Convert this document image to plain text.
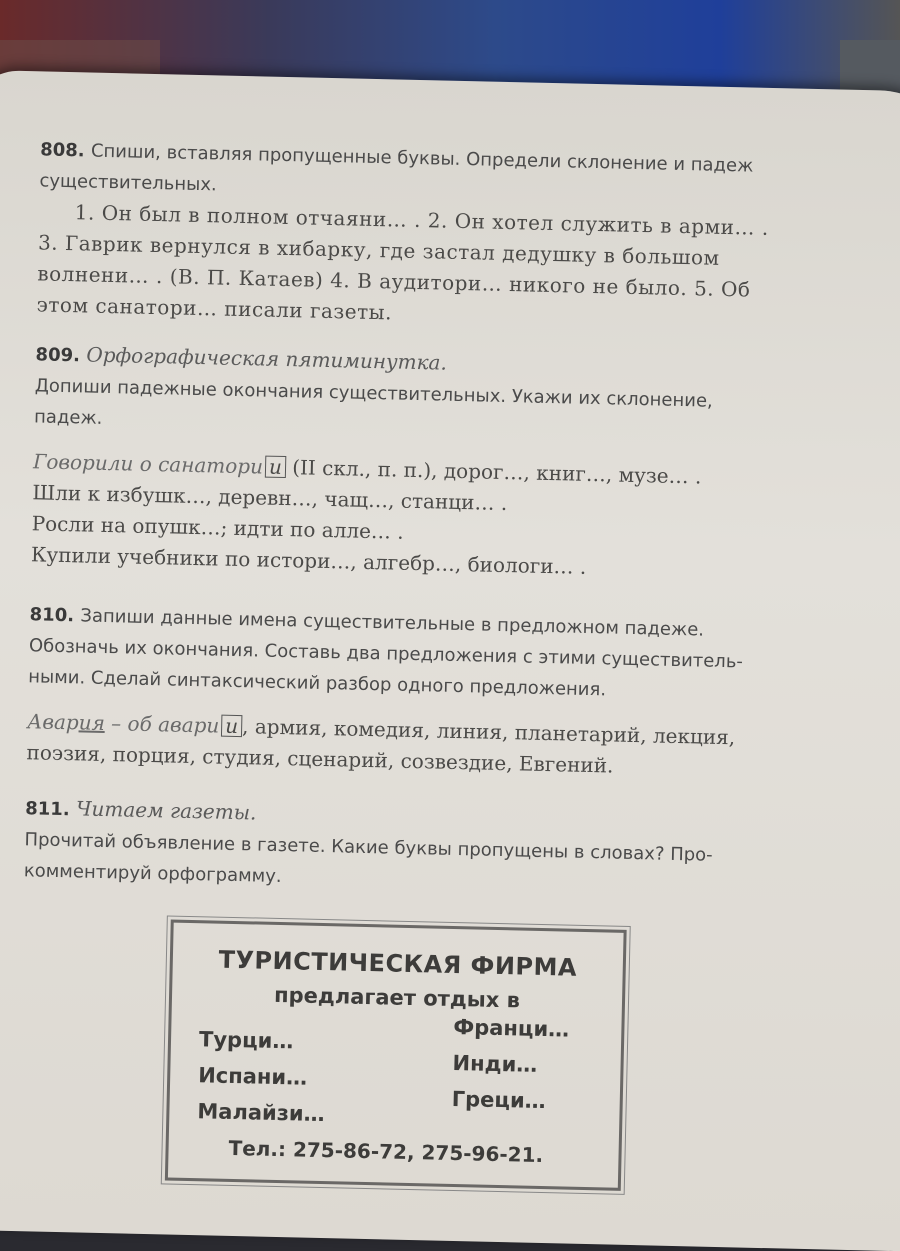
808. Спиши, вставляя пропущенные буквы. Определи склонение и падеж
существительных.
1. Он был в полном отчаяни… . 2. Он хотел служить в арми… .
3. Гаврик вернулся в хибарку, где застал дедушку в большом
волнени… . (В. П. Катаев) 4. В аудитори… никого не было. 5. Об
этом санатори… писали газеты.
809. Орфографическая пятиминутка.
Допиши падежные окончания существительных. Укажи их склонение,
падеж.
Говорили о санатори и (II скл., п. п.), дорог…, книг…, музе… .
Шли к избушк…, деревн…, чащ…, станци… .
Росли на опушк…; идти по алле… .
Купили учебники по истори…, алгебр…, биологи… .
810. Запиши данные имена существительные в предложном падеже.
Обозначь их окончания. Составь два предложения с этими существитель-
ными. Сделай синтаксический разбор одного предложения.
Авария – об авари и , армия, комедия, линия, планетарий, лекция,
поэзия, порция, студия, сценарий, созвездие, Евгений.
811. Читаем газеты.
Прочитай объявление в газете. Какие буквы пропущены в словах? Про-
комментируй орфограмму.
ТУРИСТИЧЕСКАЯ ФИРМА
предлагает отдых в
Турци…
Испани…
Малайзи…
Франци…
Инди…
Греци…
Тел.: 275-86-72, 275-96-21.
